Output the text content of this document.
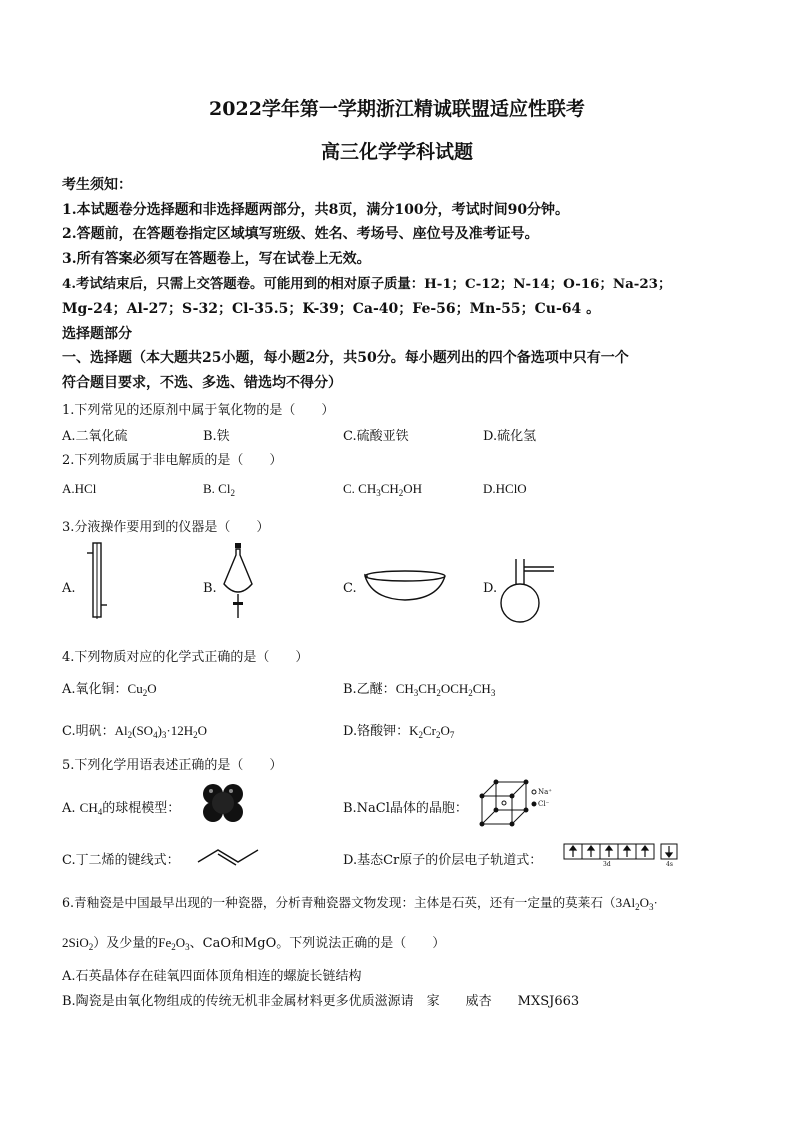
2022学年第一学期浙江精诚联盟适应性联考
高三化学学科试题
考生须知：
1.本试题卷分选择题和非选择题两部分，共8页，满分100分，考试时间90分钟。
2.答题前，在答题卷指定区域填写班级、姓名、考场号、座位号及准考证号。
3.所有答案必须写在答题卷上，写在试卷上无效。
4.考试结束后，只需上交答题卷。可能用到的相对原子质量：H-1；C-12；N-14；O-16；Na-23；
Mg-24；Al-27；S-32；Cl-35.5；K-39；Ca-40；Fe-56；Mn-55；Cu-64 。
选择题部分
一、选择题（本大题共25小题，每小题2分，共50分。每小题列出的四个备选项中只有一个
符合题目要求，不选、多选、错选均不得分）
1.下列常见的还原剂中属于氧化物的是（　　）
A.二氧化硫	B.铁	C.硫酸亚铁	D.硫化氢
2.下列物质属于非电解质的是（　　）
A.HCl	B. $Cl_2$	C. $CH_3CH_2OH$	D.HClO
3.分液操作要用到的仪器是（　　）
A.	B.	C.	D.
4.下列物质对应的化学式正确的是（　　）
A.氧化铜：$Cu_2O$	B.乙醚：$CH_3CH_2OCH_2CH_3$
C.明矾：$Al_2(SO_4)_3\cdot 12H_2O$	D.铬酸钾：$K_2Cr_2O_7$
5.下列化学用语表述正确的是（　　）
A. $CH_4$的球棍模型：	B.NaCl晶体的晶胞：
Na⁺
Cl⁻
C.丁二烯的键线式：	D.基态Cr原子的价层电子轨道式：	3d	4s
6.青釉瓷是中国最早出现的一种瓷器，分析青釉瓷器文物发现：主体是石英，还有一定量的莫莱石（$3Al_2O_3\cdot$
2SiO$_2$）及少量的$Fe_2O_3$、CaO和MgO。下列说法正确的是（　　）
A.石英晶体存在硅氧四面体顶角相连的螺旋长链结构
B.陶瓷是由氧化物组成的传统无机非金属材料更多优质滋源请　家　　威杏　　MXSJ663
